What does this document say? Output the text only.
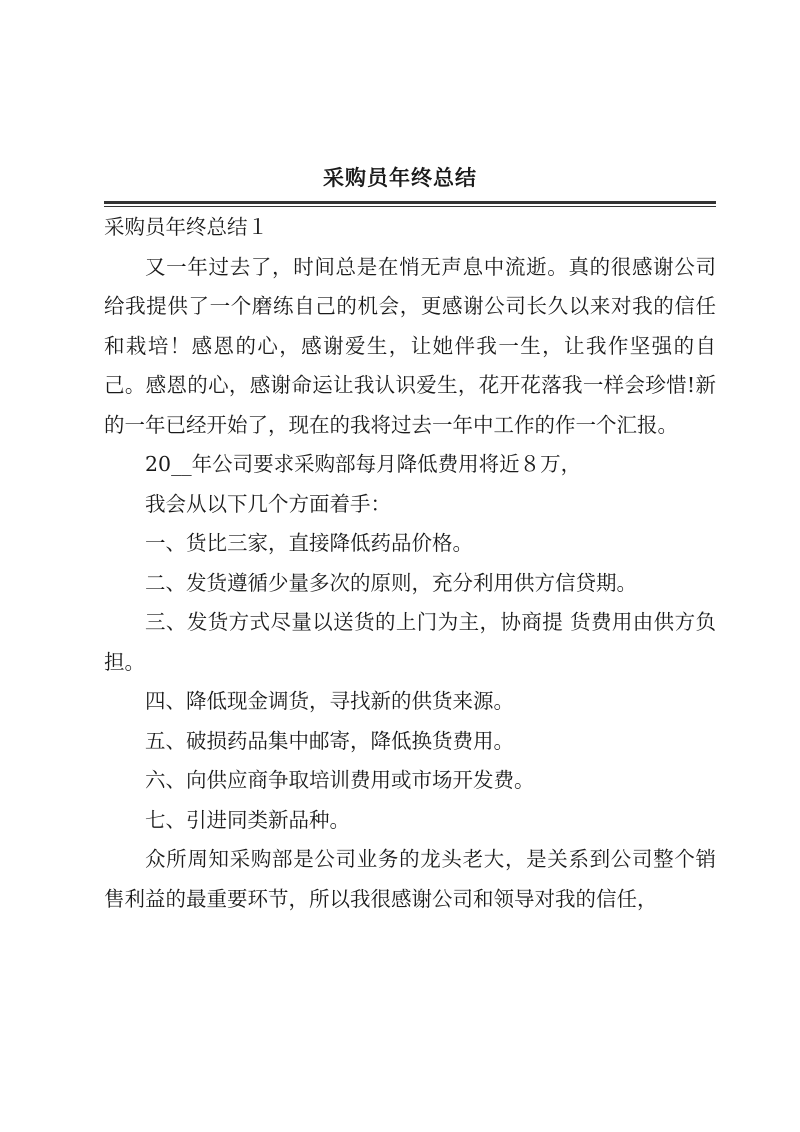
采购员年终总结

采购员年终总结１

又一年过去了，时间总是在悄无声息中流逝。真的很感谢公司给我提供了一个磨练自己的机会，更感谢公司长久以来对我的信任和栽培！感恩的心，感谢爱生，让她伴我一生，让我作坚强的自己。感恩的心，感谢命运让我认识爱生，花开花落我一样会珍惜!新的一年已经开始了，现在的我将过去一年中工作的作一个汇报。

20__年公司要求采购部每月降低费用将近８万，

我会从以下几个方面着手：

一、货比三家，直接降低药品价格。

二、发货遵循少量多次的原则，充分利用供方信贷期。

三、发货方式尽量以送货的上门为主，协商提 货费用由供方负担。

四、降低现金调货，寻找新的供货来源。

五、破损药品集中邮寄，降低换货费用。

六、向供应商争取培训费用或市场开发费。

七、引进同类新品种。

众所周知采购部是公司业务的龙头老大，是关系到公司整个销售利益的最重要环节，所以我很感谢公司和领导对我的信任，
